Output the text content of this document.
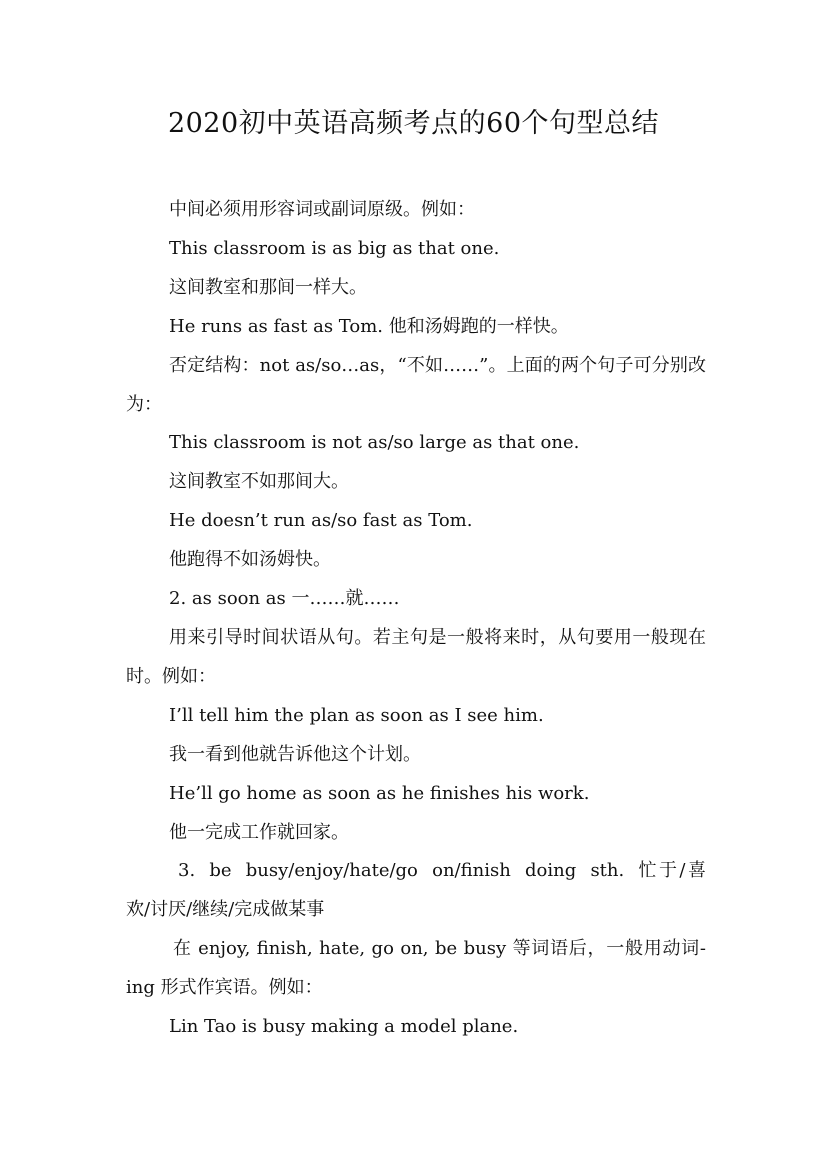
2020初中英语高频考点的60个句型总结

中间必须用形容词或副词原级。例如：

This classroom is as big as that one.

这间教室和那间一样大。

He runs as fast as Tom. 他和汤姆跑的一样快。

否定结构：not as/so…as，“不如……”。上面的两个句子可分别改为：

This classroom is not as/so large as that one.

这间教室不如那间大。

He doesn’t run as/so fast as Tom.

他跑得不如汤姆快。

2. as soon as 一……就……

用来引导时间状语从句。若主句是一般将来时，从句要用一般现在时。例如：

I’ll tell him the plan as soon as I see him.

我一看到他就告诉他这个计划。

He’ll go home as soon as he finishes his work.

他一完成工作就回家。

3. be busy/enjoy/hate/go on/finish doing sth. 忙于/喜欢/讨厌/继续/完成做某事

在 enjoy, finish, hate, go on, be busy 等词语后，一般用动词-ing 形式作宾语。例如：

Lin Tao is busy making a model plane.
